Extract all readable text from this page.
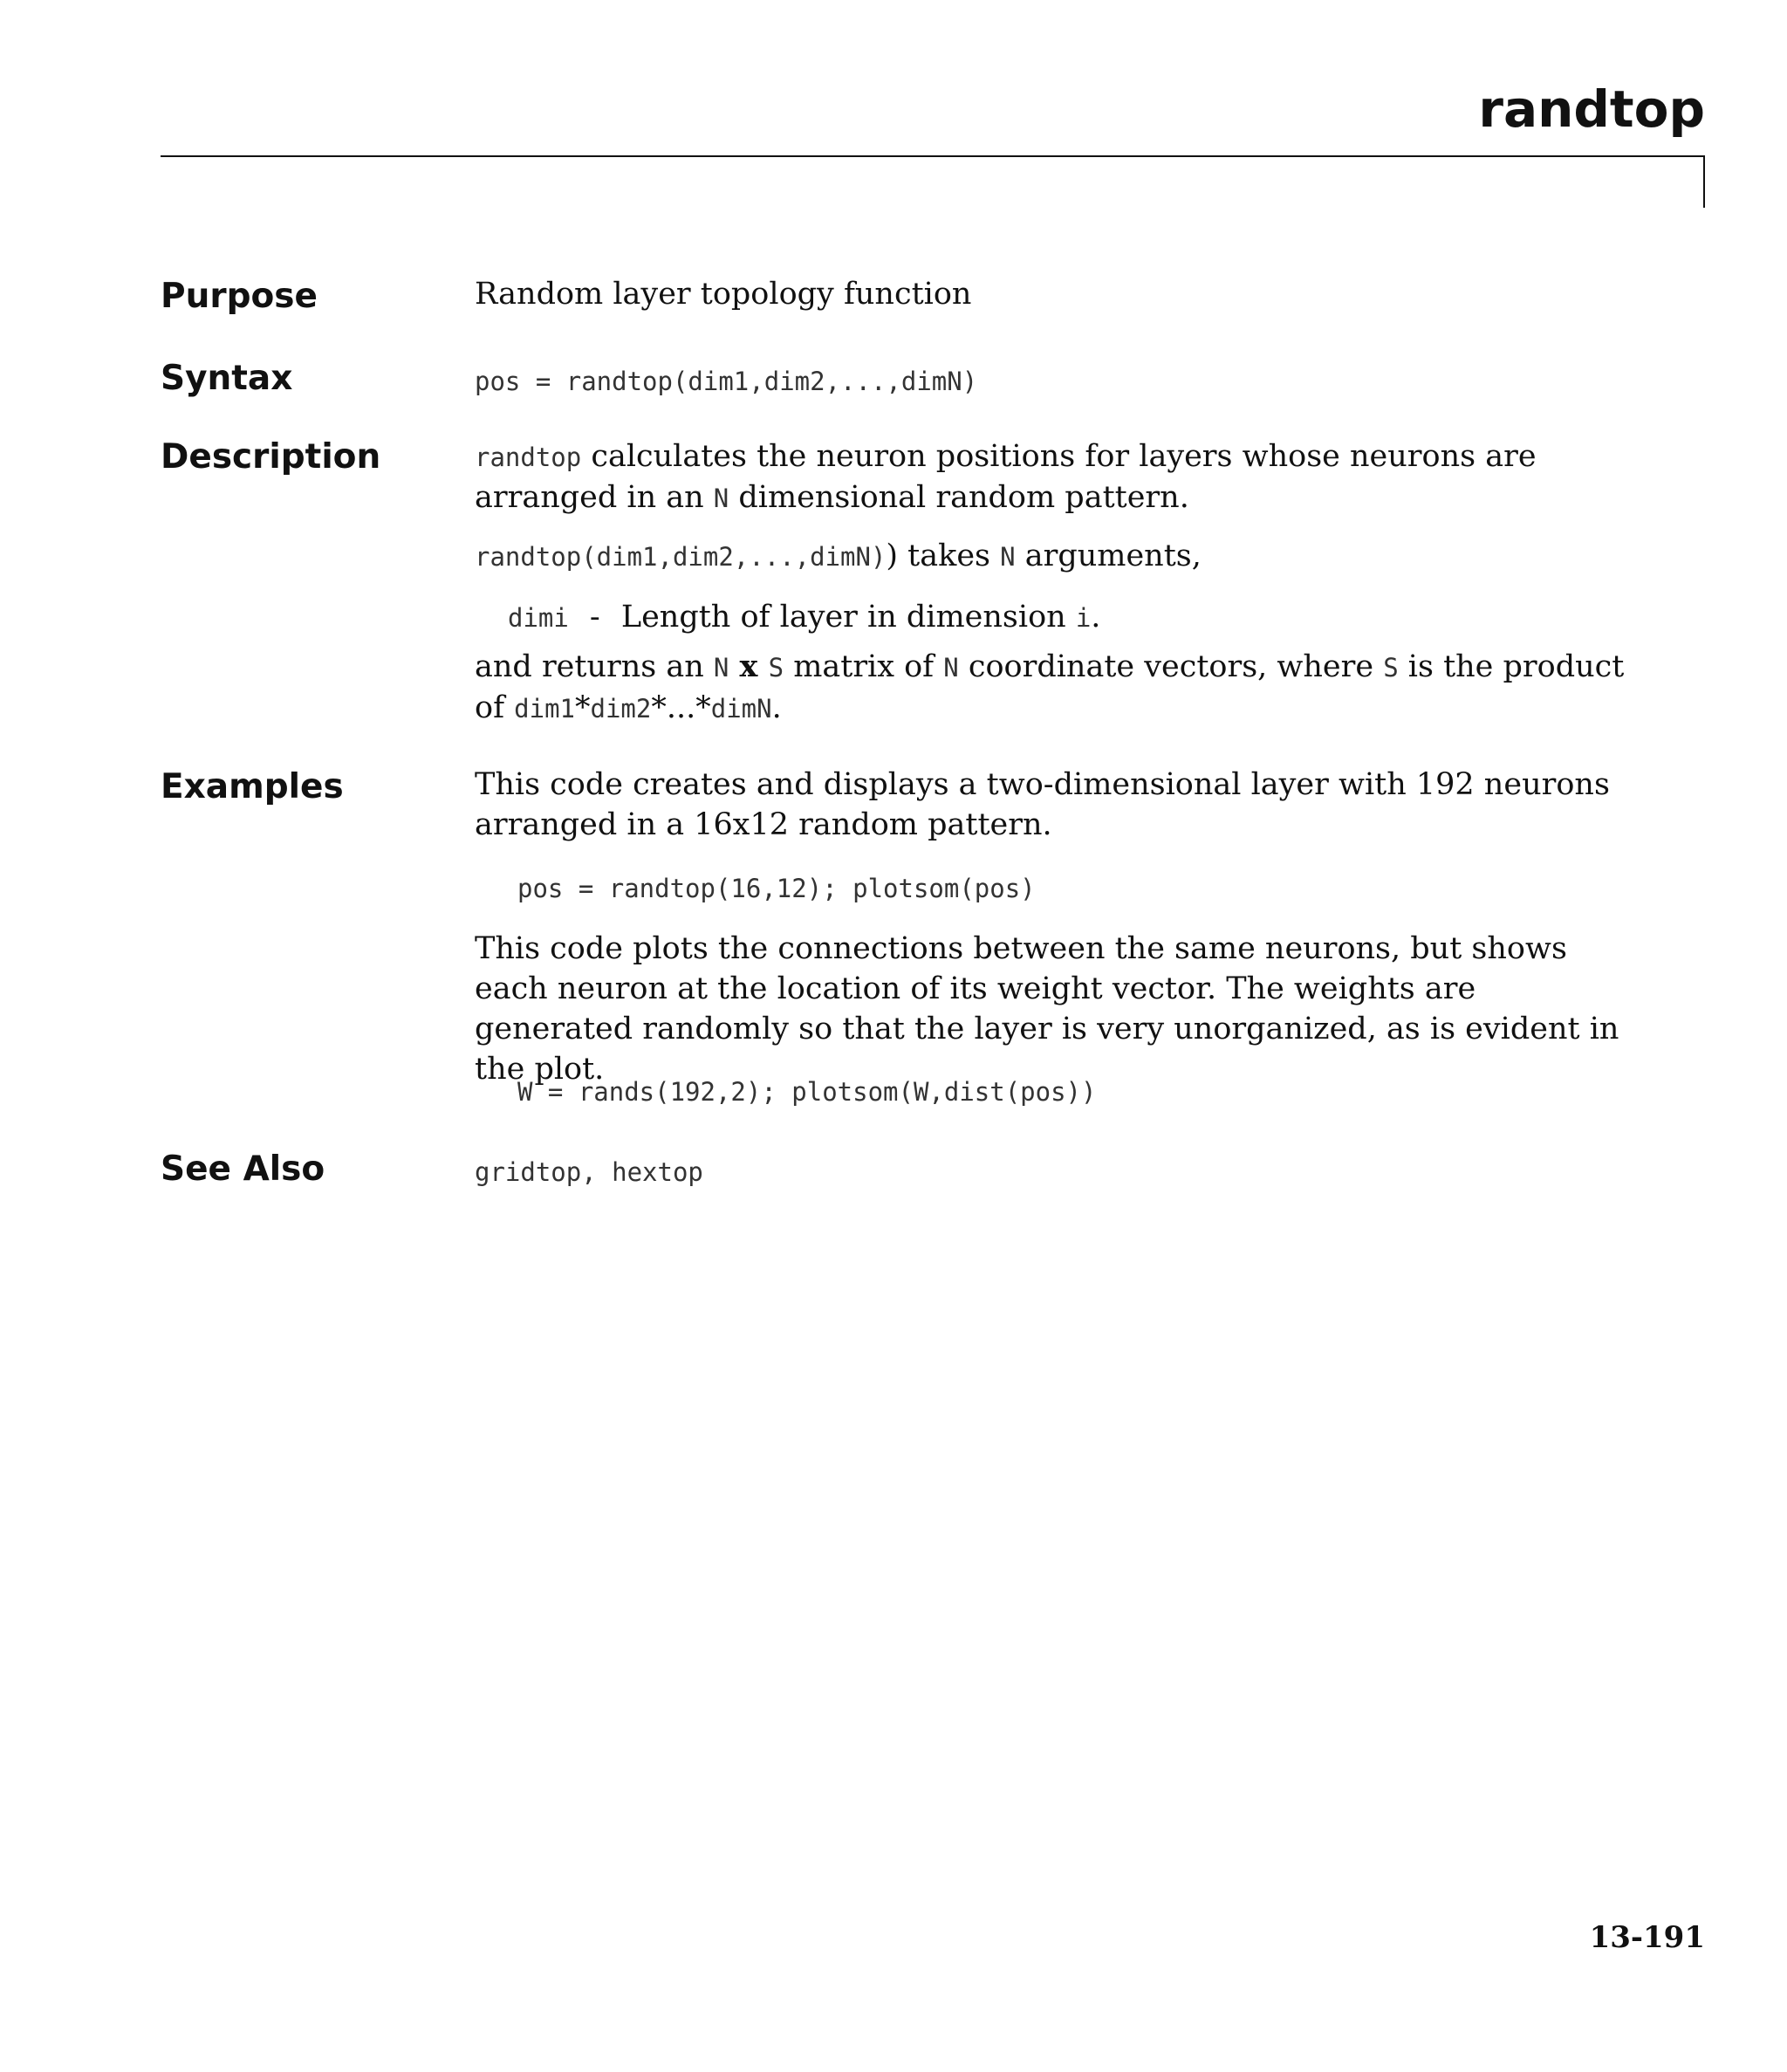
randtop
Purpose	Random layer topology function

Syntax	pos = randtop(dim1,dim2,...,dimN)

Description	randtop calculates the neuron positions for layers whose neurons are arranged in an N dimensional random pattern.

randtop(dim1,dim2,...,dimN)) takes N arguments,

dimi - Length of layer in dimension i.

and returns an N x S matrix of N coordinate vectors, where S is the product of dim1*dim2*...*dimN.

Examples	This code creates and displays a two-dimensional layer with 192 neurons arranged in a 16x12 random pattern.

pos = randtop(16,12); plotsom(pos)

This code plots the connections between the same neurons, but shows each neuron at the location of its weight vector. The weights are generated randomly so that the layer is very unorganized, as is evident in the plot.

W = rands(192,2); plotsom(W,dist(pos))

See Also	gridtop, hextop

13-191
